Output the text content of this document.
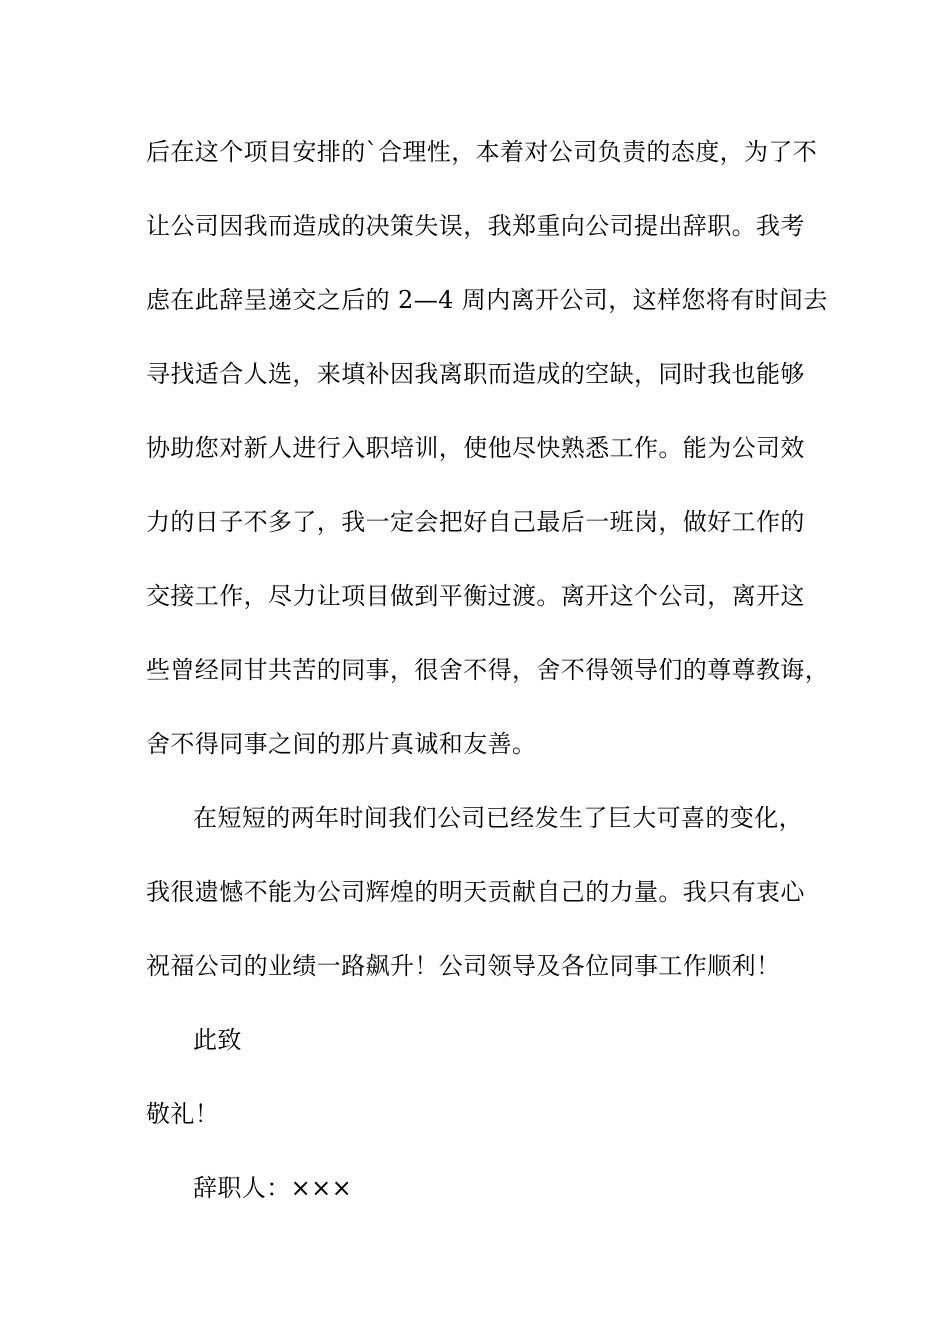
后在这个项目安排的`合理性，本着对公司负责的态度，为了不
让公司因我而造成的决策失误，我郑重向公司提出辞职。我考
虑在此辞呈递交之后的 2—4 周内离开公司，这样您将有时间去
寻找适合人选，来填补因我离职而造成的空缺，同时我也能够
协助您对新人进行入职培训，使他尽快熟悉工作。能为公司效
力的日子不多了，我一定会把好自己最后一班岗，做好工作的
交接工作，尽力让项目做到平衡过渡。离开这个公司，离开这
些曾经同甘共苦的同事，很舍不得，舍不得领导们的尊尊教诲，
舍不得同事之间的那片真诚和友善。
在短短的两年时间我们公司已经发生了巨大可喜的变化，
我很遗憾不能为公司辉煌的明天贡献自己的力量。我只有衷心
祝福公司的业绩一路飙升！公司领导及各位同事工作顺利！
此致
敬礼！
辞职人：×××
